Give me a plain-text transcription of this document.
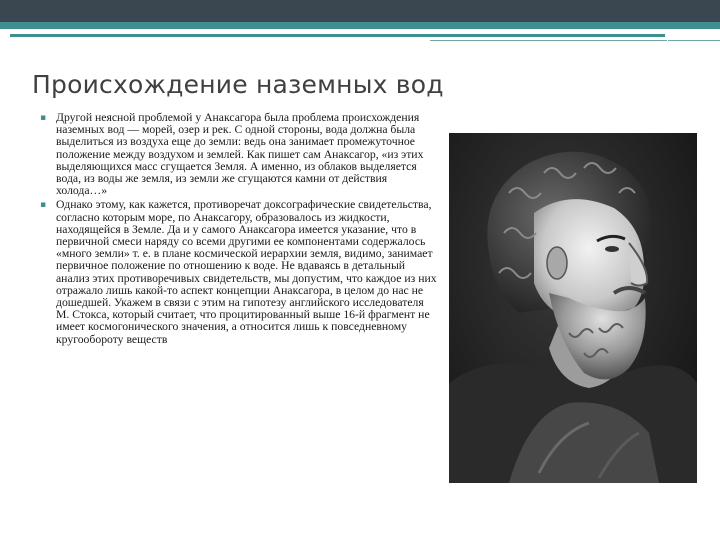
Происхождение наземных вод
▪ Другой неясной проблемой у Анаксагора была проблема происхождения наземных вод — морей, озер и рек. С одной стороны, вода должна была выделиться из воздуха еще до земли: ведь она занимает промежуточное положение между воздухом и землей. Как пишет сам Анаксагор, «из этих выделяющихся масс сгущается Земля. А именно, из облаков выделяется вода, из воды же земля, из земли же сгущаются камни от действия холода…»
▪ Однако этому, как кажется, противоречат доксографические свидетельства, согласно которым море, по Анаксагору, образовалось из жидкости, находящейся в Земле. Да и у самого Анаксагора имеется указание, что в первичной смеси наряду со всеми другими ее компонентами содержалось «много земли» т. е. в плане космической иерархии земля, видимо, занимает первичное положение по отношению к воде. Не вдаваясь в детальный анализ этих противоречивых свидетельств, мы допустим, что каждое из них отражало лишь какой-то аспект концепции Анаксагора, в целом до нас не дошедшей. Укажем в связи с этим на гипотезу английского исследователя М. Стокса, который считает, что процитированный выше 16-й фрагмент не имеет космогонического значения, а относится лишь к повседневному кругообороту веществ
